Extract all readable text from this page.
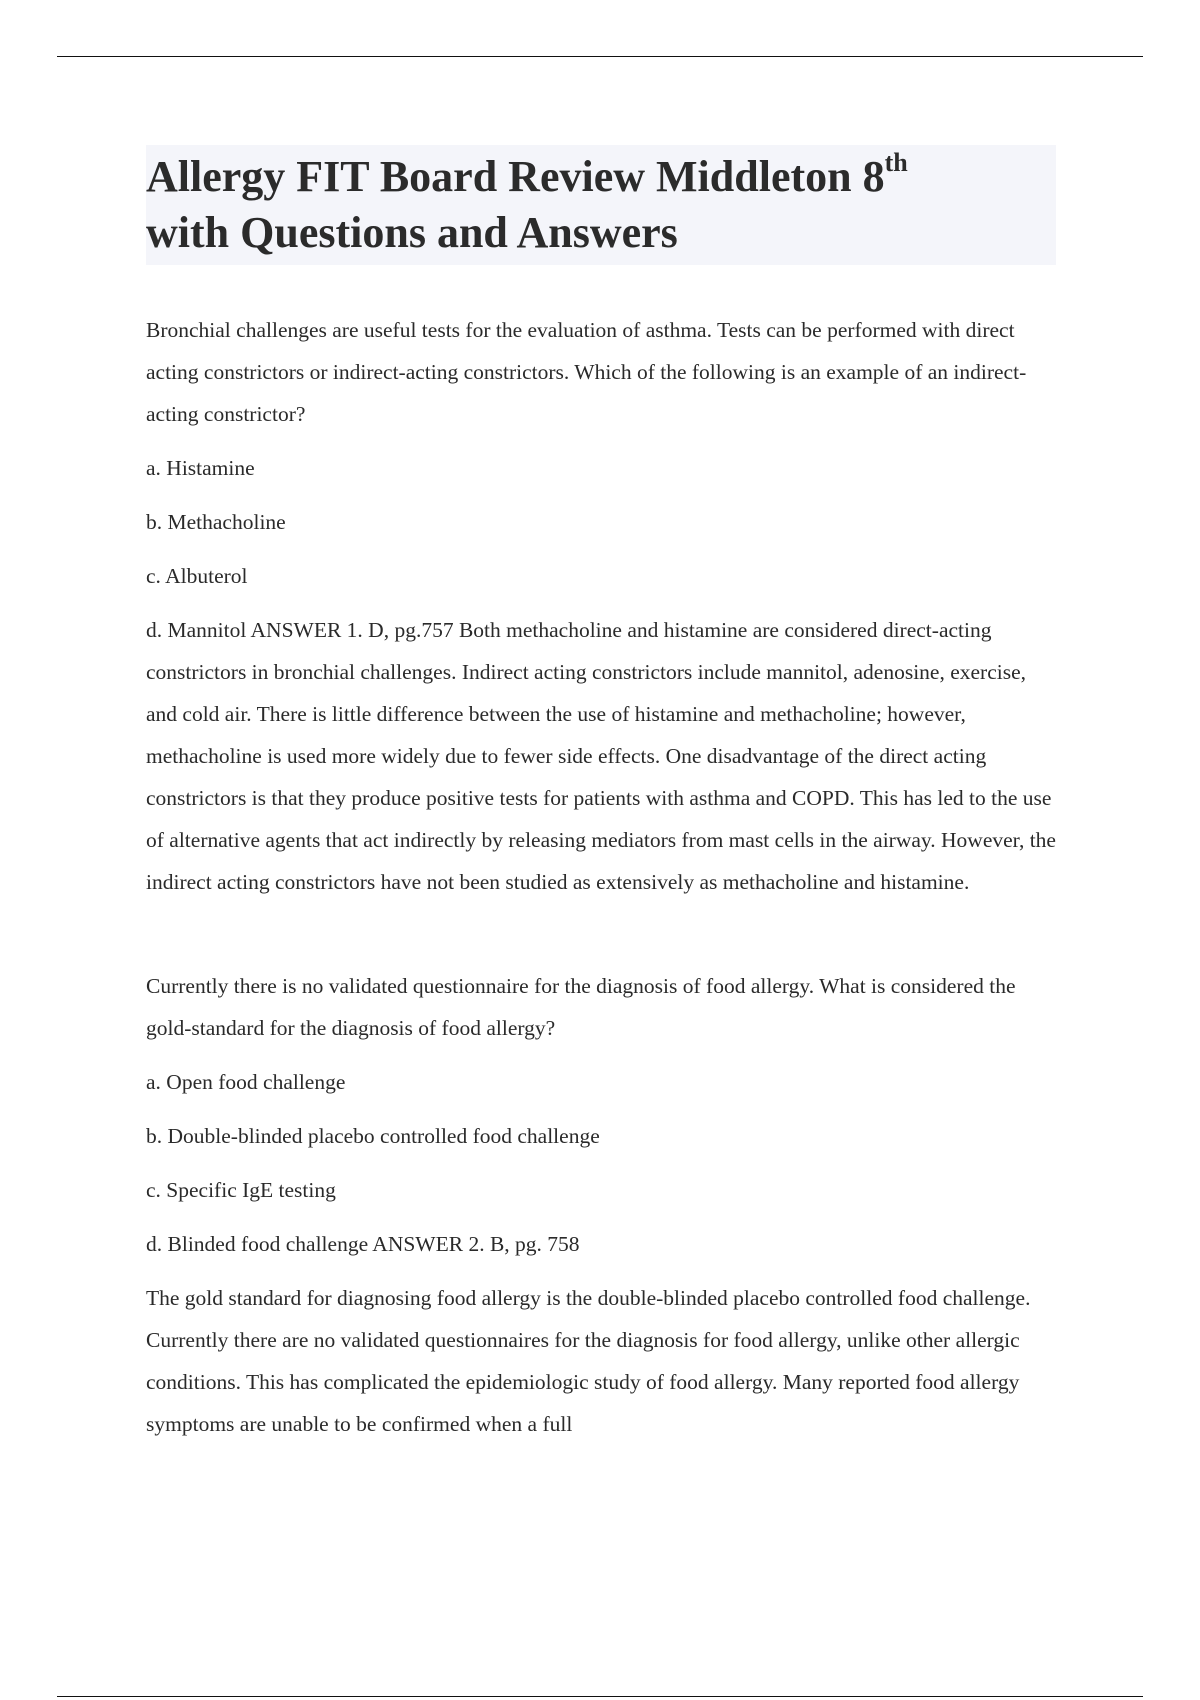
Allergy FIT Board Review Middleton 8th
with Questions and Answers

Bronchial challenges are useful tests for the evaluation of asthma. Tests can be performed with direct acting constrictors or indirect-acting constrictors. Which of the following is an example of an indirect-acting constrictor?

a. Histamine

b. Methacholine

c. Albuterol

d. Mannitol ANSWER 1. D, pg.757 Both methacholine and histamine are considered direct-acting constrictors in bronchial challenges. Indirect acting constrictors include mannitol, adenosine, exercise, and cold air. There is little difference between the use of histamine and methacholine; however, methacholine is used more widely due to fewer side effects. One disadvantage of the direct acting constrictors is that they produce positive tests for patients with asthma and COPD. This has led to the use of alternative agents that act indirectly by releasing mediators from mast cells in the airway. However, the indirect acting constrictors have not been studied as extensively as methacholine and histamine.

Currently there is no validated questionnaire for the diagnosis of food allergy. What is considered the gold-standard for the diagnosis of food allergy?

a. Open food challenge

b. Double-blinded placebo controlled food challenge

c. Specific IgE testing

d. Blinded food challenge ANSWER 2. B, pg. 758

The gold standard for diagnosing food allergy is the double-blinded placebo controlled food challenge. Currently there are no validated questionnaires for the diagnosis for food allergy, unlike other allergic conditions. This has complicated the epidemiologic study of food allergy. Many reported food allergy symptoms are unable to be confirmed when a full
